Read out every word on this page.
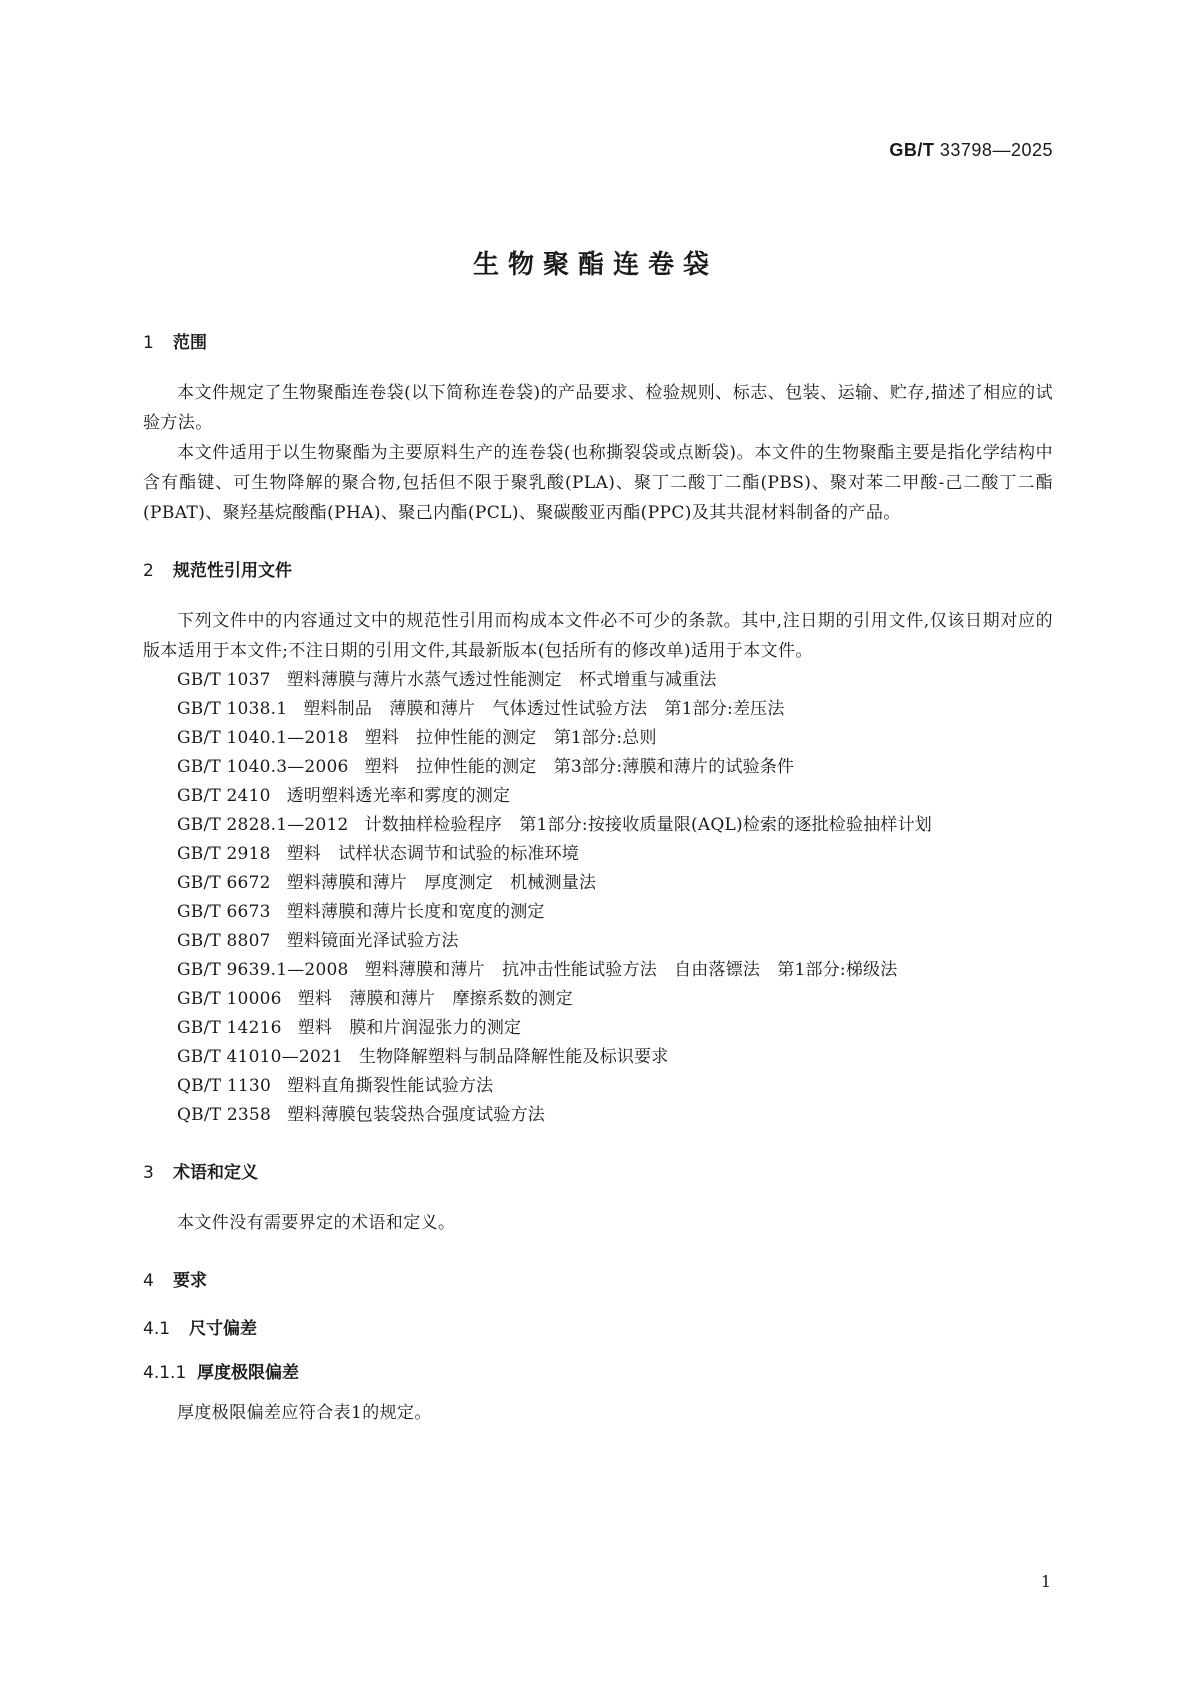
GB/T 33798—2025
生物聚酯连卷袋
1 范围

本文件规定了生物聚酯连卷袋(以下简称连卷袋)的产品要求、检验规则、标志、包装、运输、贮存,描述了相应的试验方法。

本文件适用于以生物聚酯为主要原料生产的连卷袋(也称撕裂袋或点断袋)。本文件的生物聚酯主要是指化学结构中含有酯键、可生物降解的聚合物,包括但不限于聚乳酸(PLA)、聚丁二酸丁二酯(PBS)、聚对苯二甲酸-己二酸丁二酯(PBAT)、聚羟基烷酸酯(PHA)、聚己内酯(PCL)、聚碳酸亚丙酯(PPC)及其共混材料制备的产品。

2 规范性引用文件

下列文件中的内容通过文中的规范性引用而构成本文件必不可少的条款。其中,注日期的引用文件,仅该日期对应的版本适用于本文件;不注日期的引用文件,其最新版本(包括所有的修改单)适用于本文件。

GB/T 1037 塑料薄膜与薄片水蒸气透过性能测定　杯式增重与减重法
GB/T 1038.1 塑料制品　薄膜和薄片　气体透过性试验方法　第1部分:差压法
GB/T 1040.1—2018 塑料　拉伸性能的测定　第1部分:总则
GB/T 1040.3—2006 塑料　拉伸性能的测定　第3部分:薄膜和薄片的试验条件
GB/T 2410 透明塑料透光率和雾度的测定
GB/T 2828.1—2012 计数抽样检验程序　第1部分:按接收质量限(AQL)检索的逐批检验抽样计划
GB/T 2918 塑料　试样状态调节和试验的标准环境
GB/T 6672 塑料薄膜和薄片　厚度测定　机械测量法
GB/T 6673 塑料薄膜和薄片长度和宽度的测定
GB/T 8807 塑料镜面光泽试验方法
GB/T 9639.1—2008 塑料薄膜和薄片　抗冲击性能试验方法　自由落镖法　第1部分:梯级法
GB/T 10006 塑料　薄膜和薄片　摩擦系数的测定
GB/T 14216 塑料　膜和片润湿张力的测定
GB/T 41010—2021 生物降解塑料与制品降解性能及标识要求
QB/T 1130 塑料直角撕裂性能试验方法
QB/T 2358 塑料薄膜包装袋热合强度试验方法
3 术语和定义

本文件没有需要界定的术语和定义。

4 要求
4.1 尺寸偏差
4.1.1 厚度极限偏差

厚度极限偏差应符合表1的规定。

1
